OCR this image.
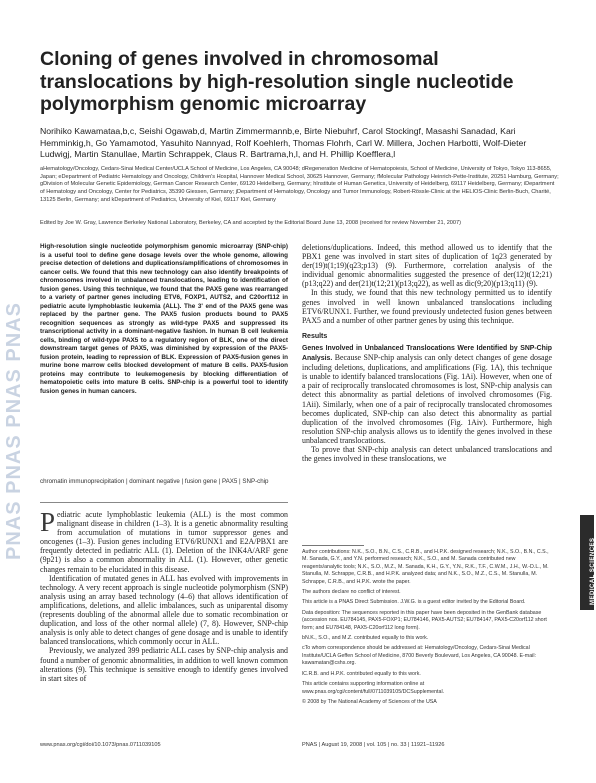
PNAS PNAS PNAS PNAS
MEDICAL SCIENCES
Cloning of genes involved in chromosomal translocations by high-resolution single nucleotide polymorphism genomic microarray
Norihiko Kawamataa,b,c, Seishi Ogawab,d, Martin Zimmermannb,e, Birte Niebuhrf, Carol Stockingf, Masashi Sanadad, Kari Hemminkig,h, Go Yamamotod, Yasuhito Nannyad, Rolf Koehlerh, Thomas Flohrh, Carl W. Millera, Jochen Harbotti, Wolf-Dieter Ludwigj, Martin Stanullae, Martin Schrappek, Claus R. Bartrama,h,l, and H. Phillip Koefflera,l
aHematology/Oncology, Cedars-Sinai Medical Center/UCLA School of Medicine, Los Angeles, CA 90048; dRegeneration Medicine of Hematopoiesis, School of Medicine, University of Tokyo, Tokyo 113-8655, Japan; eDepartment of Pediatric Hematology and Oncology, Children's Hospital, Hannover Medical School, 30625 Hannover, Germany; fMolecular Pathology Heinrich-Pette-Institute, 20251 Hamburg, Germany; gDivision of Molecular Genetic Epidemiology, German Cancer Research Center, 69120 Heidelberg, Germany; hInstitute of Human Genetics, University of Heidelberg, 69117 Heidelberg, Germany; iDepartment of Hematology and Oncology, Center for Pediatrics, 35390 Giessen, Germany; jDepartment of Hematology, Oncology and Tumor Immunology, Robert-Rössle-Clinic at the HELIOS-Clinic Berlin-Buch, Charité, 13125 Berlin, Germany; and kDepartment of Pediatrics, University of Kiel, 69117 Kiel, Germany
Edited by Joe W. Gray, Lawrence Berkeley National Laboratory, Berkeley, CA and accepted by the Editorial Board June 13, 2008 (received for review November 21, 2007)
High-resolution single nucleotide polymorphism genomic microarray (SNP-chip) is a useful tool to define gene dosage levels over the whole genome, allowing precise detection of deletions and duplications/amplifications of chromosomes in cancer cells. We found that this new technology can also identify breakpoints of chromosomes involved in unbalanced translocations, leading to identification of fusion genes. Using this technique, we found that the PAX5 gene was rearranged to a variety of partner genes including ETV6, FOXP1, AUTS2, and C20orf112 in pediatric acute lymphoblastic leukemia (ALL). The 3' end of the PAX5 gene was replaced by the partner gene. The PAX5 fusion products bound to PAX5 recognition sequences as strongly as wild-type PAX5 and suppressed its transcriptional activity in a dominant-negative fashion. In human B cell leukemia cells, binding of wild-type PAX5 to a regulatory region of BLK, one of the direct downstream target genes of PAX5, was diminished by expression of the PAX5-fusion protein, leading to repression of BLK. Expression of PAX5-fusion genes in murine bone marrow cells blocked development of mature B cells. PAX5-fusion proteins may contribute to leukemogenesis by blocking differentiation of hematopoietic cells into mature B cells. SNP-chip is a powerful tool to identify fusion genes in human cancers.
chromatin immunoprecipitation | dominant negative | fusion gene | PAX5 | SNP-chip

Pediatric acute lymphoblastic leukemia (ALL) is the most common malignant disease in children (1–3). It is a genetic abnormality resulting from accumulation of mutations in tumor suppressor genes and oncogenes (1–3). Fusion genes including ETV6/RUNX1 and E2A/PBX1 are frequently detected in pediatric ALL (1). Deletion of the INK4A/ARF gene (9p21) is also a common abnormality in ALL (1). However, other genetic changes remain to be elucidated in this disease.

Identification of mutated genes in ALL has evolved with improvements in technology. A very recent approach is single nucleotide polymorphism (SNP) analysis using an array based technology (4–6) that allows identification of amplifications, deletions, and allelic imbalances, such as uniparental disomy (represents doubling of the abnormal allele due to somatic recombination or duplication, and loss of the other normal allele) (7, 8). However, SNP-chip analysis is only able to detect changes of gene dosage and is unable to identify balanced translocations, which commonly occur in ALL.

Previously, we analyzed 399 pediatric ALL cases by SNP-chip analysis and found a number of genomic abnormalities, in addition to well known common alterations (9). This technique is sensitive enough to identify genes involved in start sites of

deletions/duplications. Indeed, this method allowed us to identify that the PBX1 gene was involved in start sites of duplication of 1q23 generated by der(19)t(1;19)(q23;p13) (9). Furthermore, correlation analysis of the individual genomic abnormalities suggested the presence of der(12)t(12;21)(p13;q22) and der(21)t(12;21)(p13;q22), as well as dic(9;20)(p13;q11) (9).

In this study, we found that this new technology permitted us to identify genes involved in well known unbalanced translocations including ETV6/RUNX1. Further, we found previously undetected fusion genes between PAX5 and a number of other partner genes by using this technique.

Results

Genes Involved in Unbalanced Translocations Were Identified by SNP-Chip Analysis. Because SNP-chip analysis can only detect changes of gene dosage including deletions, duplications, and amplifications (Fig. 1A), this technique is unable to identify balanced translocations (Fig. 1Ai). However, when one of a pair of reciprocally translocated chromosomes is lost, SNP-chip analysis can detect this abnormality as partial deletions of involved chromosomes (Fig. 1Aii). Similarly, when one of a pair of reciprocally translocated chromosomes becomes duplicated, SNP-chip can also detect this abnormality as partial duplication of the involved chromosomes (Fig. 1Aiv). Furthermore, high resolution SNP-chip analysis allows us to identify the genes involved in these unbalanced translocations.

To prove that SNP-chip analysis can detect unbalanced translocations and the genes involved in these translocations, we

Author contributions: N.K., S.O., B.N., C.S., C.R.B., and H.P.K. designed research; N.K., S.O., B.N., C.S., M. Sanada, G.Y., and Y.N. performed research; N.K., S.O., and M. Sanada contributed new reagents/analytic tools; N.K., S.O., M.Z., M. Sanada, K.H., G.Y., Y.N., R.K., T.F., C.W.M., J.H., W.-D.L., M. Stanulla, M. Schrappe, C.R.B., and H.P.K. analyzed data; and N.K., S.O., M.Z., C.S., M. Stanulla, M. Schrappe, C.R.B., and H.P.K. wrote the paper.
The authors declare no conflict of interest.
This article is a PNAS Direct Submission. J.W.G. is a guest editor invited by the Editorial Board.
Data deposition: The sequences reported in this paper have been deposited in the GenBank database (accession nos. EU784145, PAX5-FOXP1; EU784146, PAX5-AUTS2; EU784147, PAX5-C20orf112 short form; and EU784148, PAX5-C20orf112 long form).
bN.K., S.O., and M.Z. contributed equally to this work.
cTo whom correspondence should be addressed at: Hematology/Oncology, Cedars-Sinai Medical Institute/UCLA Geffen School of Medicine, 8700 Beverly Boulevard, Los Angeles, CA 90048. E-mail: kawamatan@cshs.org.
lC.R.B. and H.P.K. contributed equally to this work.
This article contains supporting information online at www.pnas.org/cgi/content/full/0711039105/DCSupplemental.
© 2008 by The National Academy of Sciences of the USA
www.pnas.org/cgi/doi/10.1073/pnas.0711039105	PNAS | August 19, 2008 | vol. 105 | no. 33 | 11921–11926
